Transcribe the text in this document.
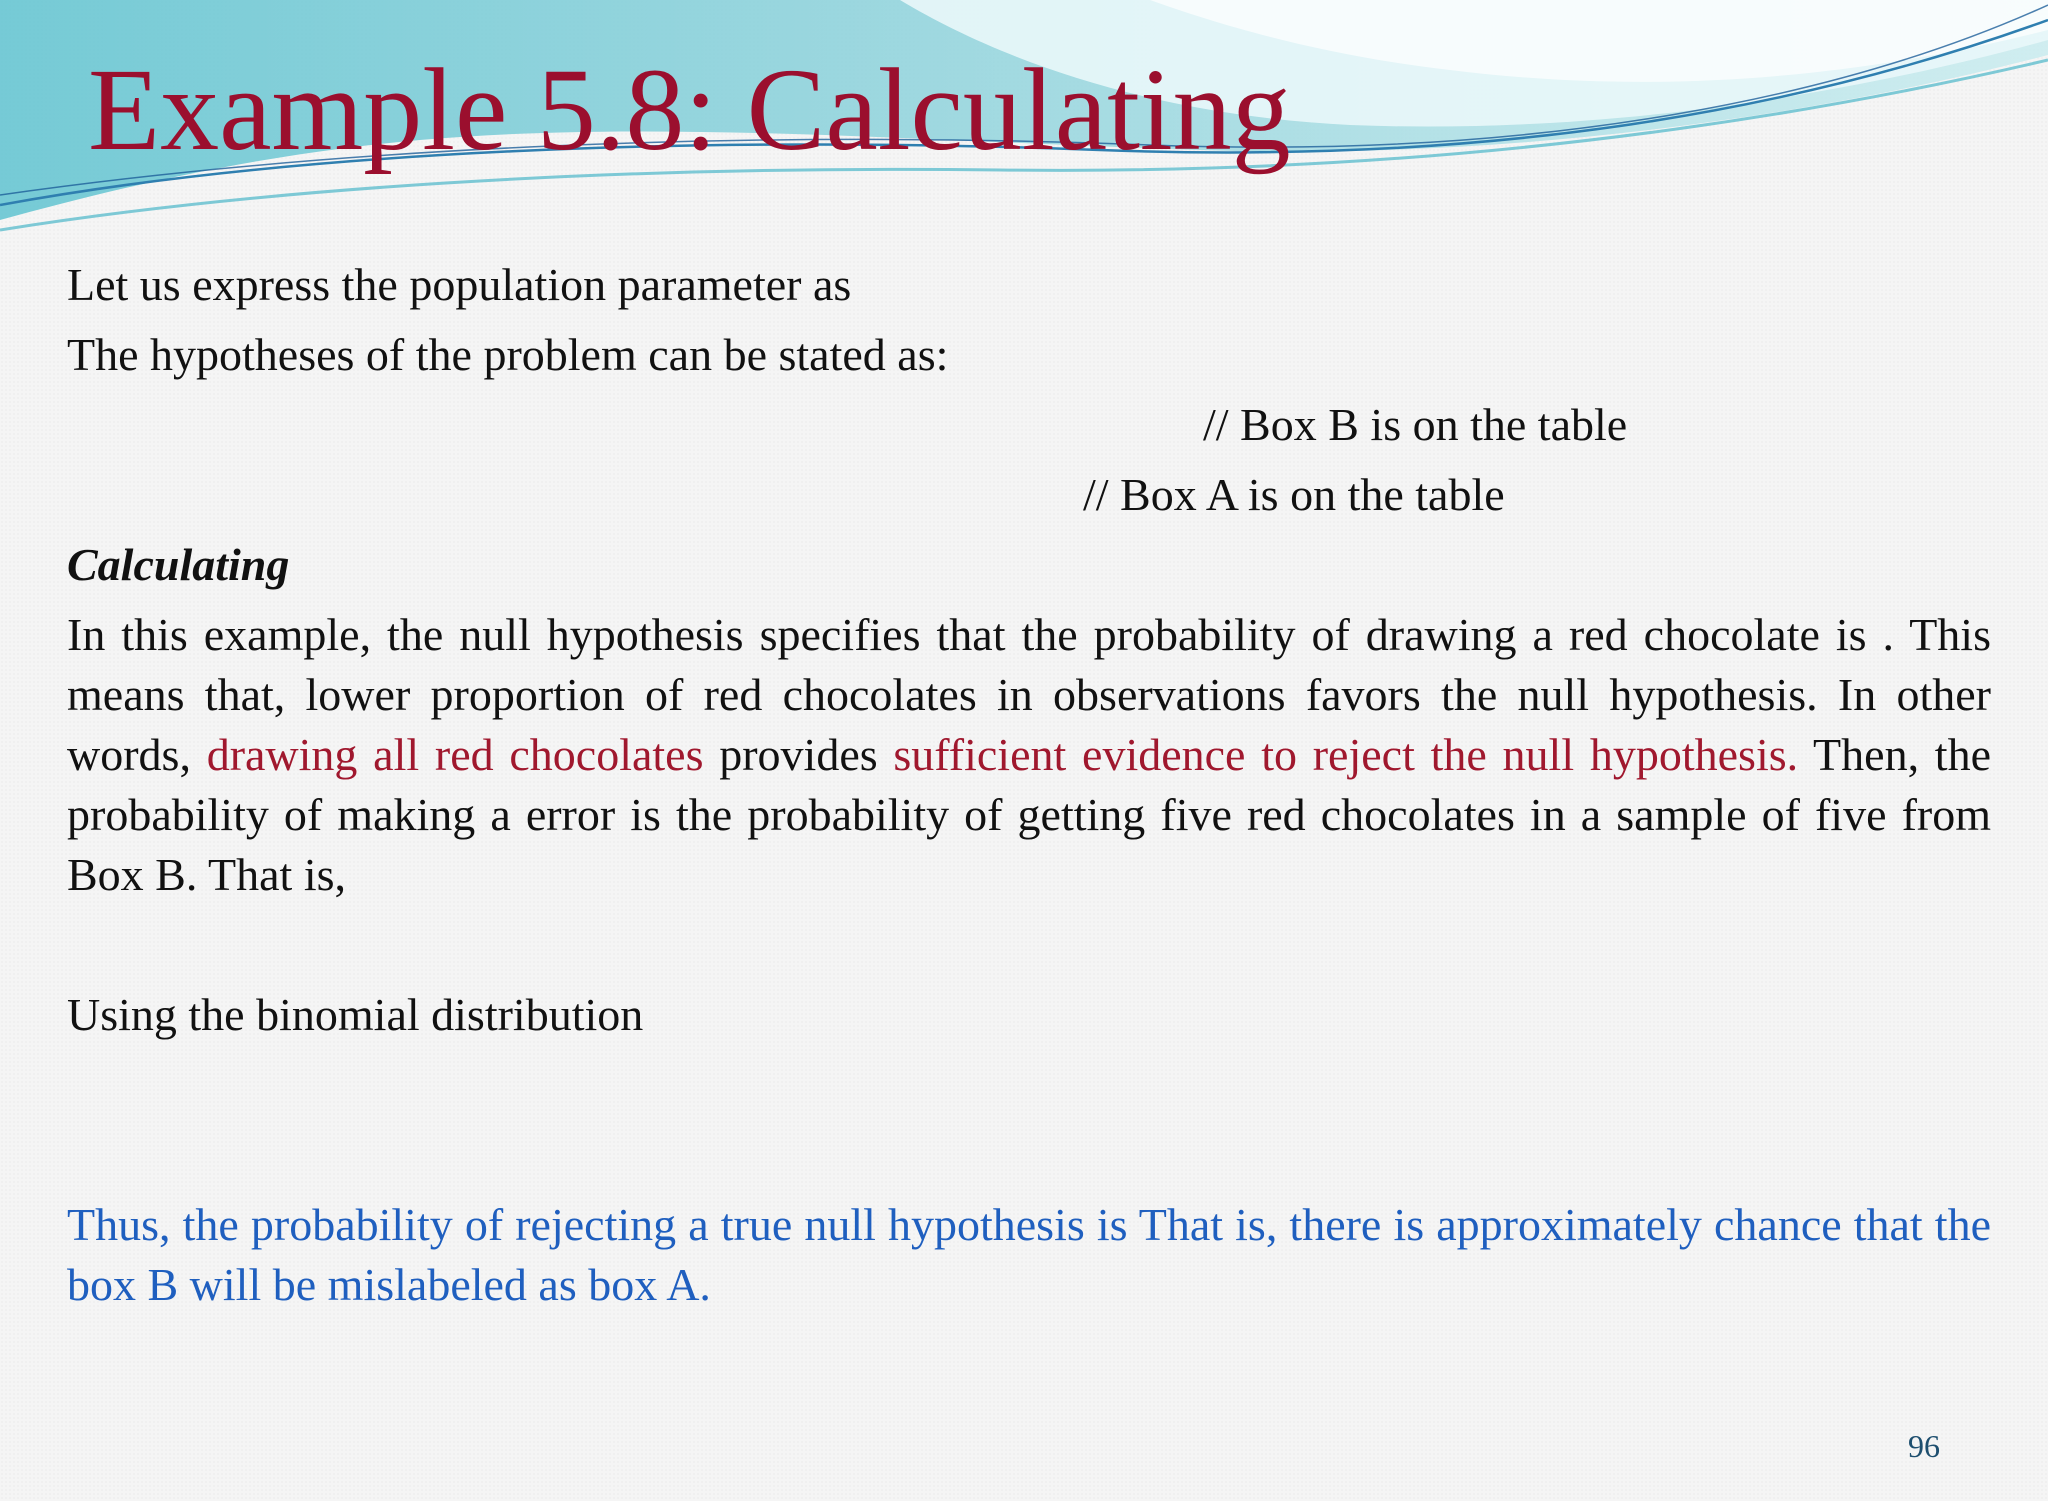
Example 5.8: Calculating

Let us express the population parameter as

The hypotheses of the problem can be stated as:

// Box B is on the table

// Box A is on the table

Calculating

In this example, the null hypothesis specifies that the probability of drawing a red chocolate is . This means that, lower proportion of red chocolates in observations favors the null hypothesis. In other words, drawing all red chocolates provides sufficient evidence to reject the null hypothesis. Then, the probability of making a error is the probability of getting five red chocolates in a sample of five from Box B. That is,

Using the binomial distribution

Thus, the probability of rejecting a true null hypothesis is That is, there is approximately chance that the box B will be mislabeled as box A.

96
